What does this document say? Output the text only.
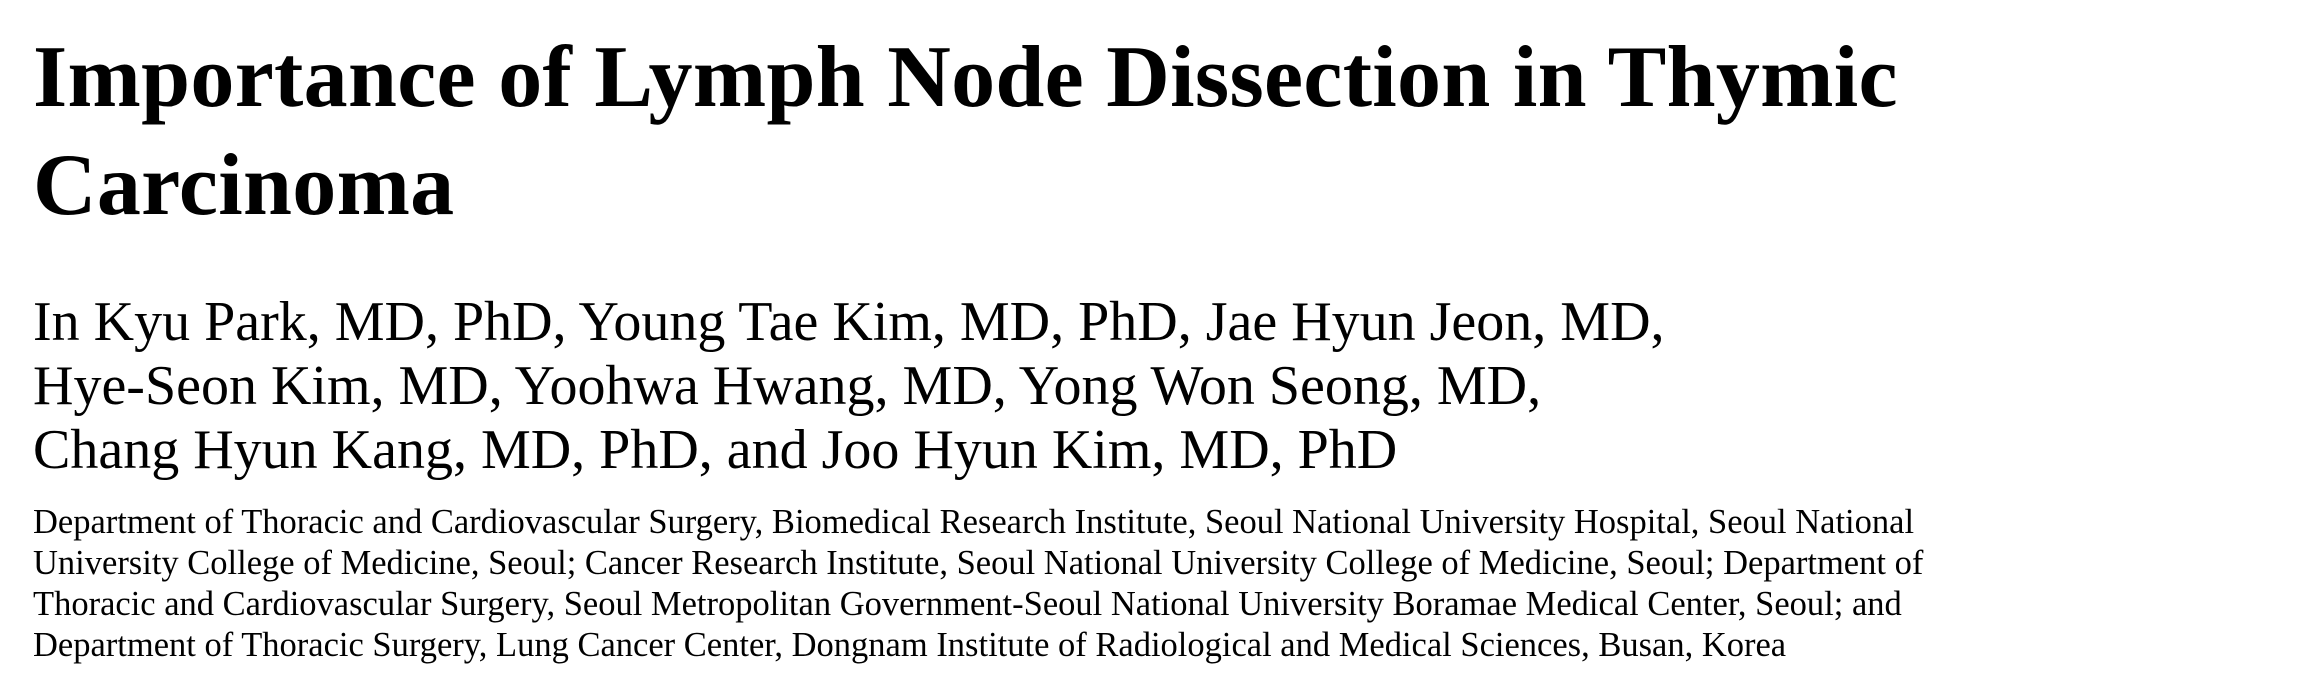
Importance of Lymph Node Dissection in Thymic
Carcinoma
In Kyu Park, MD, PhD, Young Tae Kim, MD, PhD, Jae Hyun Jeon, MD,
Hye-Seon Kim, MD, Yoohwa Hwang, MD, Yong Won Seong, MD,
Chang Hyun Kang, MD, PhD, and Joo Hyun Kim, MD, PhD
Department of Thoracic and Cardiovascular Surgery, Biomedical Research Institute, Seoul National University Hospital, Seoul National
University College of Medicine, Seoul; Cancer Research Institute, Seoul National University College of Medicine, Seoul; Department of
Thoracic and Cardiovascular Surgery, Seoul Metropolitan Government-Seoul National University Boramae Medical Center, Seoul; and
Department of Thoracic Surgery, Lung Cancer Center, Dongnam Institute of Radiological and Medical Sciences, Busan, Korea
